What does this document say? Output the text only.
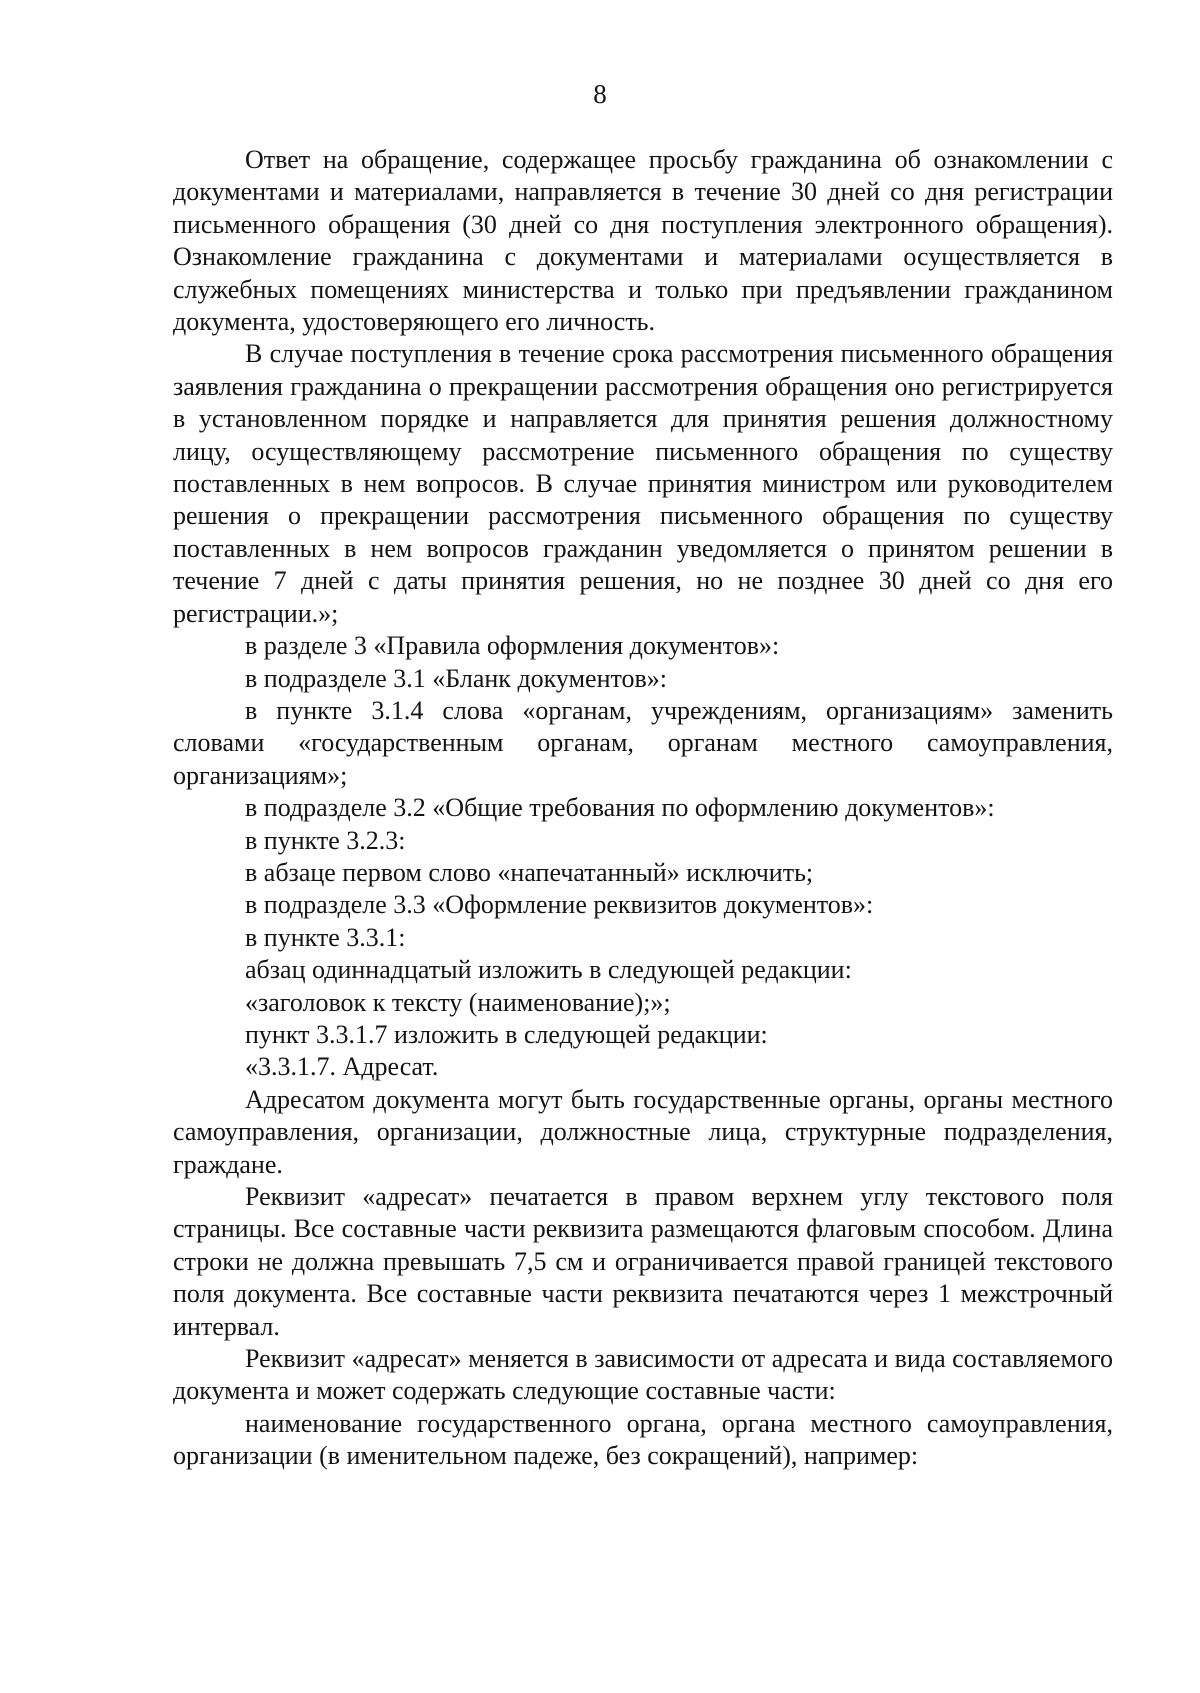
8

Ответ на обращение, содержащее просьбу гражданина об ознакомлении с документами и материалами, направляется в течение 30 дней со дня регистрации письменного обращения (30 дней со дня поступления электронного обращения). Ознакомление гражданина с документами и материалами осуществляется в служебных помещениях министерства и только при предъявлении гражданином документа, удостоверяющего его личность.

В случае поступления в течение срока рассмотрения письменного обращения заявления гражданина о прекращении рассмотрения обращения оно регистрируется в установленном порядке и направляется для принятия решения должностному лицу, осуществляющему рассмотрение письменного обращения по существу поставленных в нем вопросов. В случае принятия министром или руководителем решения о прекращении рассмотрения письменного обращения по существу поставленных в нем вопросов гражданин уведомляется о принятом решении в течение 7 дней с даты принятия решения, но не позднее 30 дней со дня его регистрации.»;

в разделе 3 «Правила оформления документов»:

в подразделе 3.1 «Бланк документов»:

в пункте 3.1.4 слова «органам, учреждениям, организациям» заменить словами «государственным органам, органам местного самоуправления, организациям»;

в подразделе 3.2 «Общие требования по оформлению документов»:

в пункте 3.2.3:

в абзаце первом слово «напечатанный» исключить;

в подразделе 3.3 «Оформление реквизитов документов»:

в пункте 3.3.1:

абзац одиннадцатый изложить в следующей редакции:

«заголовок к тексту (наименование);»;

пункт 3.3.1.7 изложить в следующей редакции:

«3.3.1.7. Адресат.

Адресатом документа могут быть государственные органы, органы местного самоуправления, организации, должностные лица, структурные подразделения, граждане.

Реквизит «адресат» печатается в правом верхнем углу текстового поля страницы. Все составные части реквизита размещаются флаговым способом. Длина строки не должна превышать 7,5 см и ограничивается правой границей текстового поля документа. Все составные части реквизита печатаются через 1 межстрочный интервал.

Реквизит «адресат» меняется в зависимости от адресата и вида составляемого документа и может содержать следующие составные части:

наименование государственного органа, органа местного самоуправления, организации (в именительном падеже, без сокращений), например:
